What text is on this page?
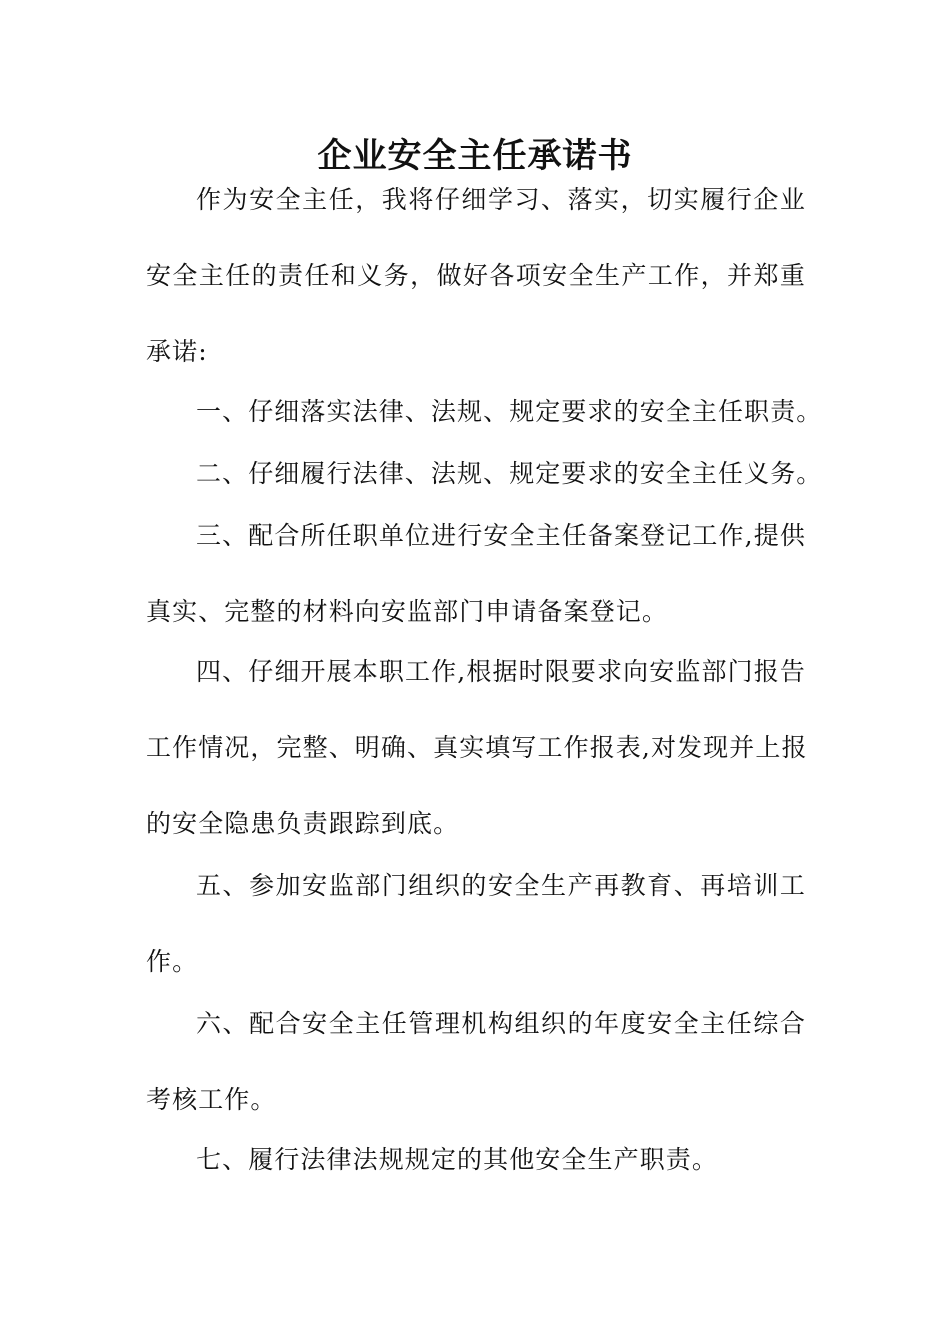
企业安全主任承诺书
作为安全主任，我将仔细学习、落实，切实履行企业
安全主任的责任和义务，做好各项安全生产工作，并郑重
承诺:
一、仔细落实法律、法规、规定要求的安全主任职责。
二、仔细履行法律、法规、规定要求的安全主任义务。
三、配合所任职单位进行安全主任备案登记工作,提供
真实、完整的材料向安监部门申请备案登记。
四、仔细开展本职工作,根据时限要求向安监部门报告
工作情况，完整、明确、真实填写工作报表,对发现并上报
的安全隐患负责跟踪到底。
五、参加安监部门组织的安全生产再教育、再培训工
作。
六、配合安全主任管理机构组织的年度安全主任综合
考核工作。
七、履行法律法规规定的其他安全生产职责。
